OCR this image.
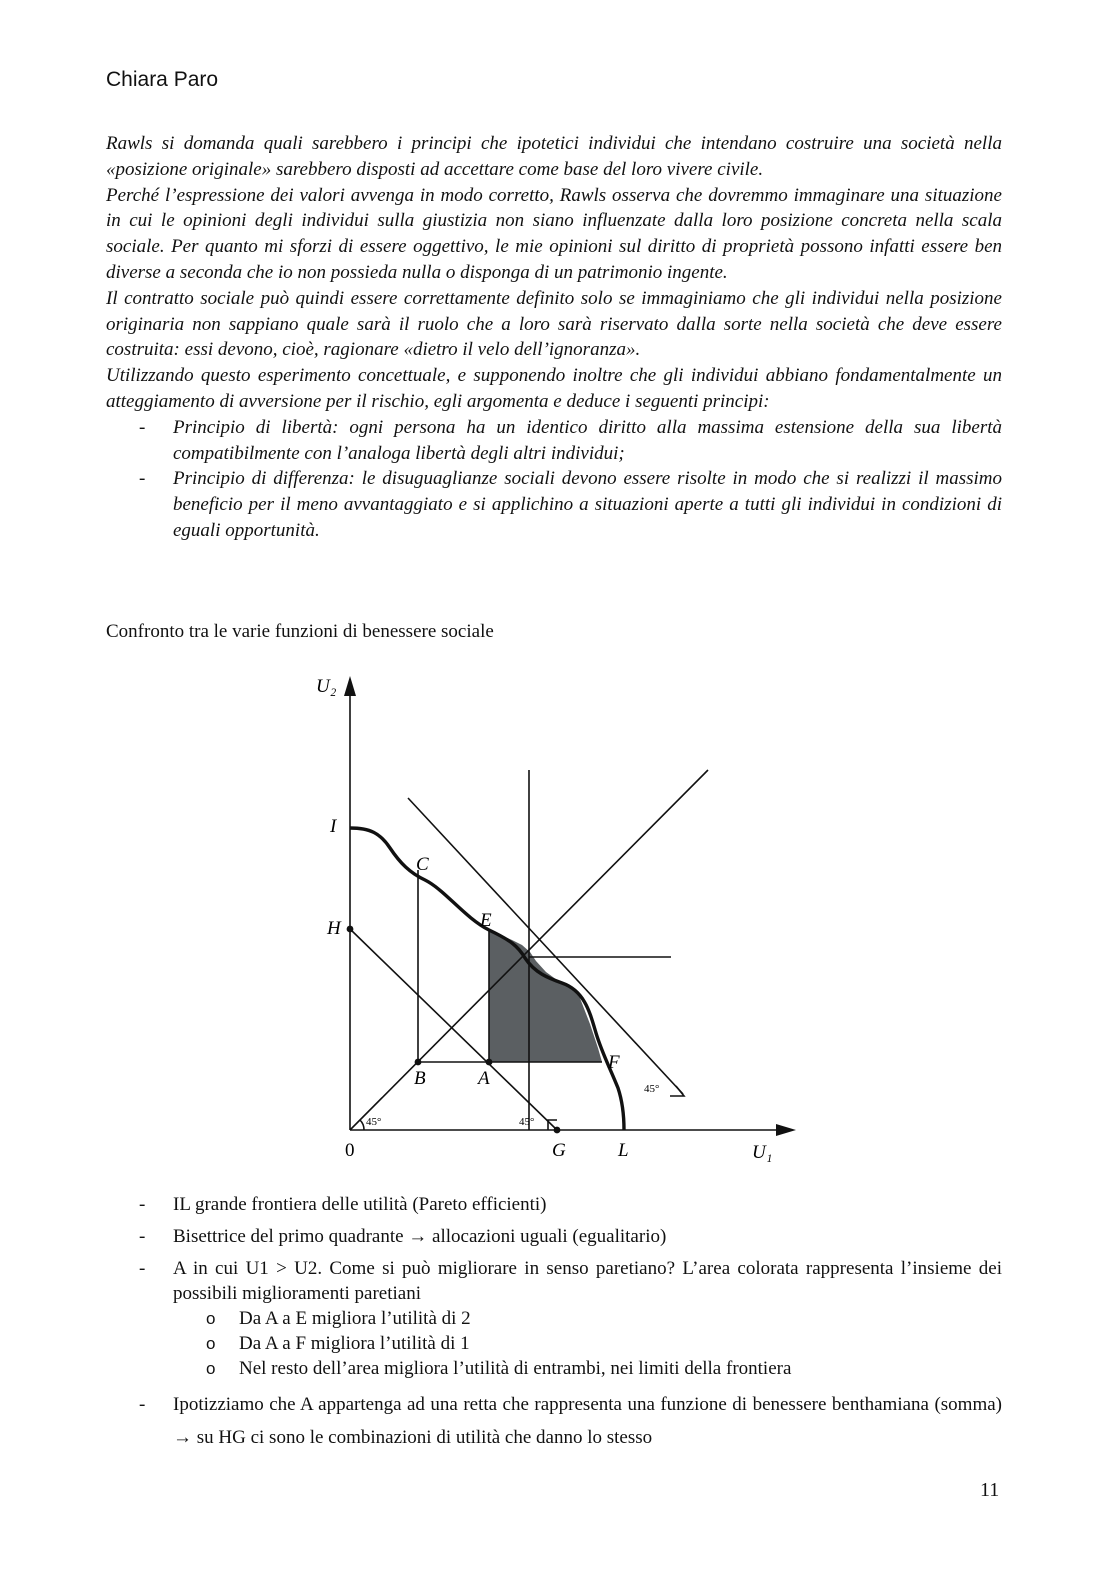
Chiara Paro

Rawls si domanda quali sarebbero i principi che ipotetici individui che intendano costruire una società nella «posizione originale» sarebbero disposti ad accettare come base del loro vivere civile.

Perché l’espressione dei valori avvenga in modo corretto, Rawls osserva che dovremmo immaginare una situazione in cui le opinioni degli individui sulla giustizia non siano influenzate dalla loro posizione concreta nella scala sociale. Per quanto mi sforzi di essere oggettivo, le mie opinioni sul diritto di proprietà possono infatti essere ben diverse a seconda che io non possieda nulla o disponga di un patrimonio ingente.

Il contratto sociale può quindi essere correttamente definito solo se immaginiamo che gli individui nella posizione originaria non sappiano quale sarà il ruolo che a loro sarà riservato dalla sorte nella società che deve essere costruita: essi devono, cioè, ragionare «dietro il velo dell’ignoranza».

Utilizzando questo esperimento concettuale, e supponendo inoltre che gli individui abbiano fondamentalmente un atteggiamento di avversione per il rischio, egli argomenta e deduce i seguenti principi:

- Principio di libertà: ogni persona ha un identico diritto alla massima estensione della sua libertà compatibilmente con l’analoga libertà degli altri individui;
- Principio di differenza: le disuguaglianze sociali devono essere risolte in modo che si realizzi il massimo beneficio per il meno avvantaggiato e si applichino a situazioni aperte a tutti gli individui in condizioni di eguali opportunità.
Confronto tra le varie funzioni di benessere sociale
U₂
U₁
0
I
C
E
H
B	A
F
G	L
45°	45°
45°
- IL grande frontiera delle utilità (Pareto efficienti)
- Bisettrice del primo quadrante → allocazioni uguali (egualitario)
- A in cui U1 > U2. Come si può migliorare in senso paretiano? L’area colorata rappresenta l’insieme dei possibili miglioramenti paretiani
o Da A a E migliora l’utilità di 2
o Da A a F migliora l’utilità di 1
o Nel resto dell’area migliora l’utilità di entrambi, nei limiti della frontiera
- Ipotizziamo che A appartenga ad una retta che rappresenta una funzione di benessere benthamiana (somma) → su HG ci sono le combinazioni di utilità che danno lo stesso
11
